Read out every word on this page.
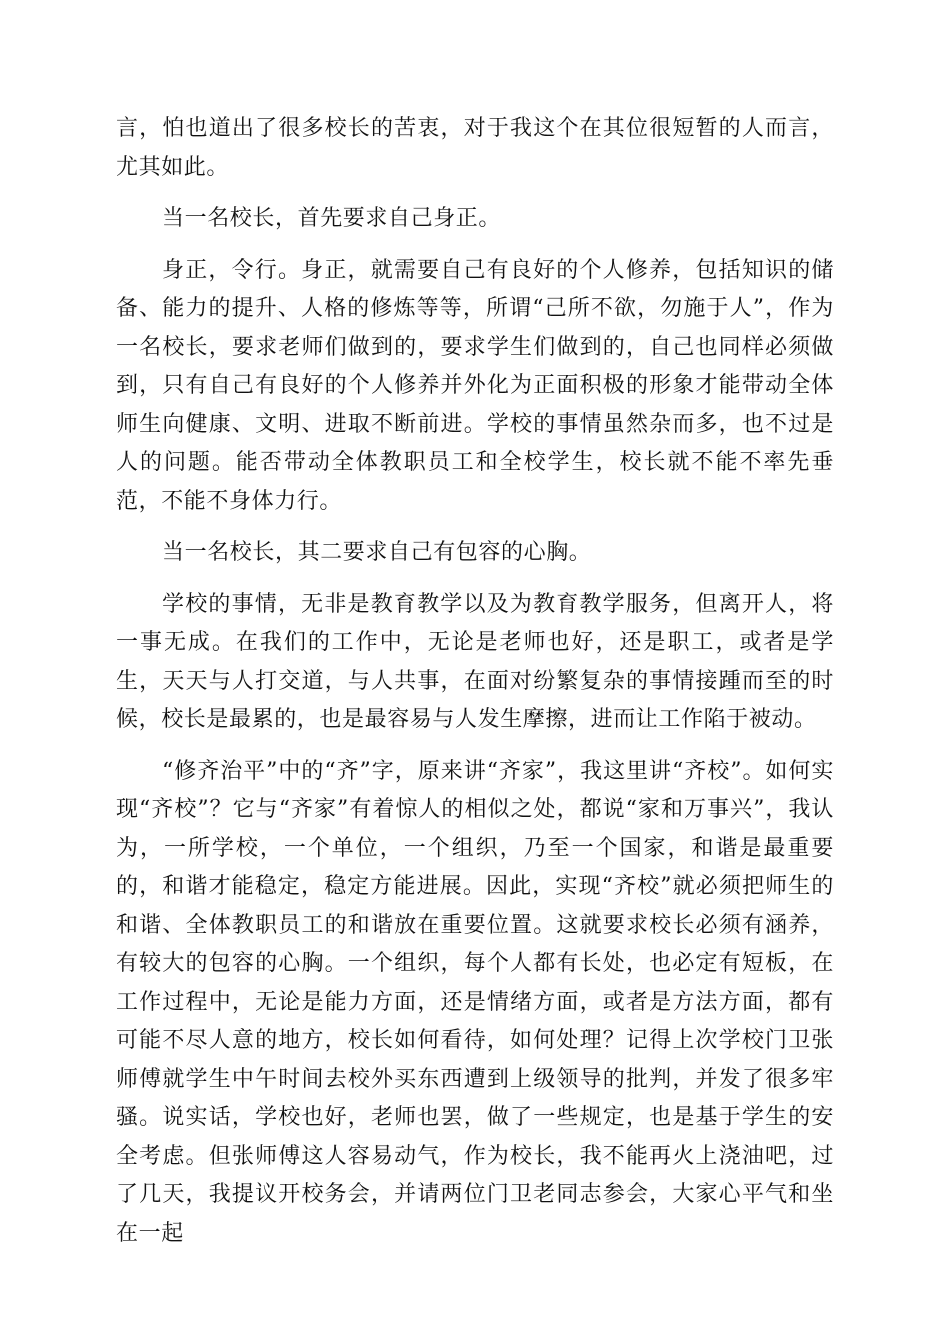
言，怕也道出了很多校长的苦衷，对于我这个在其位很短暂的人而言，尤其如此。

当一名校长，首先要求自己身正。

身正，令行。身正，就需要自己有良好的个人修养，包括知识的储备、能力的提升、人格的修炼等等，所谓“己所不欲，勿施于人”，作为一名校长，要求老师们做到的，要求学生们做到的，自己也同样必须做到，只有自己有良好的个人修养并外化为正面积极的形象才能带动全体师生向健康、文明、进取不断前进。学校的事情虽然杂而多，也不过是人的问题。能否带动全体教职员工和全校学生，校长就不能不率先垂范，不能不身体力行。

当一名校长，其二要求自己有包容的心胸。

学校的事情，无非是教育教学以及为教育教学服务，但离开人，将一事无成。在我们的工作中，无论是老师也好，还是职工，或者是学生，天天与人打交道，与人共事，在面对纷繁复杂的事情接踵而至的时候，校长是最累的，也是最容易与人发生摩擦，进而让工作陷于被动。

“修齐治平”中的“齐”字，原来讲“齐家”，我这里讲“齐校”。如何实现“齐校”？它与“齐家”有着惊人的相似之处，都说“家和万事兴”，我认为，一所学校，一个单位，一个组织，乃至一个国家，和谐是最重要的，和谐才能稳定，稳定方能进展。因此，实现“齐校”就必须把师生的和谐、全体教职员工的和谐放在重要位置。这就要求校长必须有涵养，有较大的包容的心胸。一个组织，每个人都有长处，也必定有短板，在工作过程中，无论是能力方面，还是情绪方面，或者是方法方面，都有可能不尽人意的地方，校长如何看待，如何处理？记得上次学校门卫张师傅就学生中午时间去校外买东西遭到上级领导的批判，并发了很多牢骚。说实话，学校也好，老师也罢，做了一些规定，也是基于学生的安全考虑。但张师傅这人容易动气，作为校长，我不能再火上浇油吧，过了几天，我提议开校务会，并请两位门卫老同志参会，大家心平气和坐在一起
